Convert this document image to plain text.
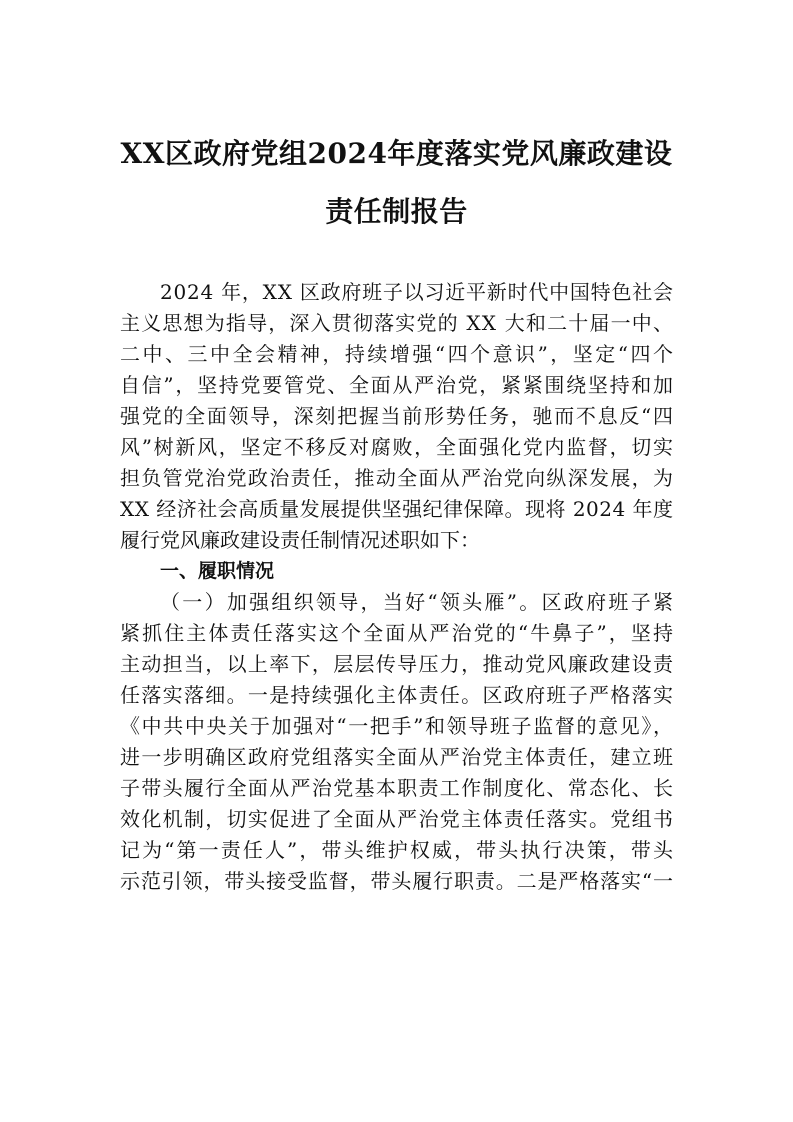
XX区政府党组2024年度落实党风廉政建设
责任制报告
2024 年，XX 区政府班子以习近平新时代中国特色社会
主义思想为指导，深入贯彻落实党的 XX 大和二十届一中、
二中、三中全会精神，持续增强“四个意识”，坚定“四个
自信”，坚持党要管党、全面从严治党，紧紧围绕坚持和加
强党的全面领导，深刻把握当前形势任务，驰而不息反“四
风”树新风，坚定不移反对腐败，全面强化党内监督，切实
担负管党治党政治责任，推动全面从严治党向纵深发展，为
XX 经济社会高质量发展提供坚强纪律保障。现将 2024 年度
履行党风廉政建设责任制情况述职如下：
一、履职情况
（一）加强组织领导，当好“领头雁”。区政府班子紧
紧抓住主体责任落实这个全面从严治党的“牛鼻子”，坚持
主动担当，以上率下，层层传导压力，推动党风廉政建设责
任落实落细。一是持续强化主体责任。区政府班子严格落实
《中共中央关于加强对“一把手”和领导班子监督的意见》，
进一步明确区政府党组落实全面从严治党主体责任，建立班
子带头履行全面从严治党基本职责工作制度化、常态化、长
效化机制，切实促进了全面从严治党主体责任落实。党组书
记为“第一责任人”，带头维护权威，带头执行决策，带头
示范引领，带头接受监督，带头履行职责。二是严格落实“一
